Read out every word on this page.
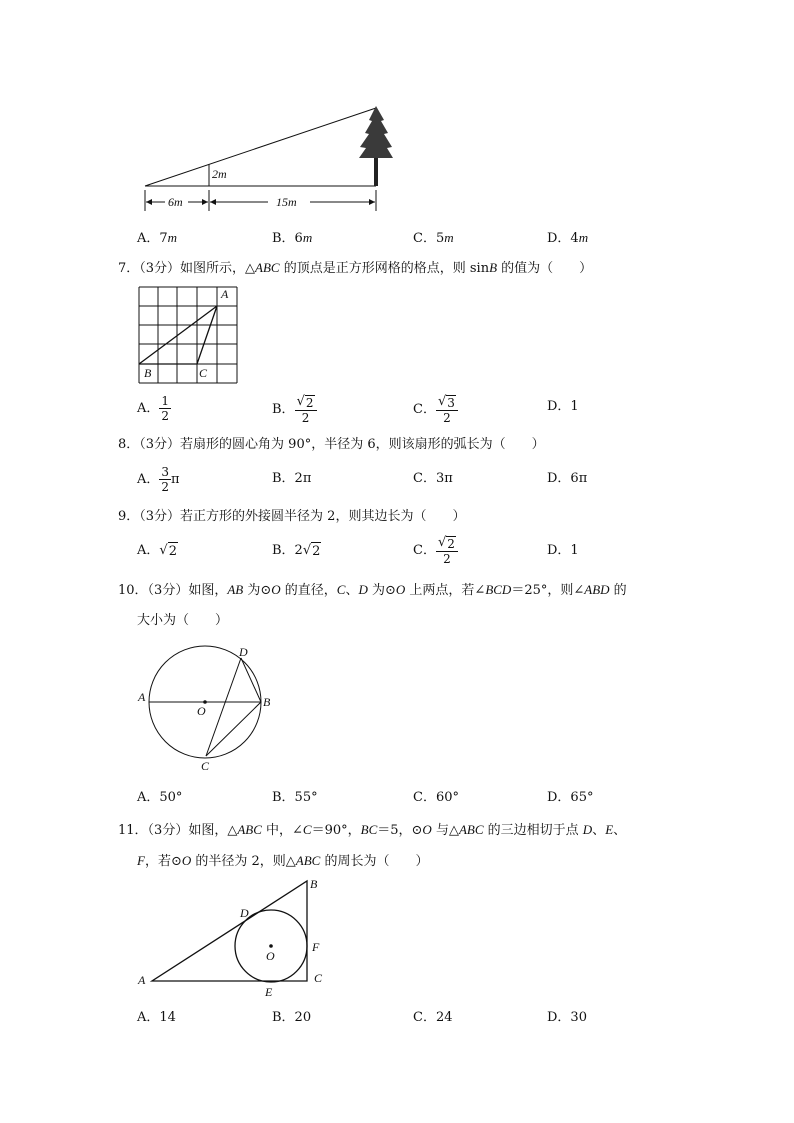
2m
6m	15m
A．7m	B．6m	C．5m	D．4m
7．（3分）如图所示，△ABC 的顶点是正方形网格的格点，则 sinB 的值为（　　）
A
B	C
A． $\frac{1}{2}$	B． $\frac{√ 2}{2}$	C． $\frac{√ 3}{2}$	D．1
8．（3分）若扇形的圆心角为 90°，半径为 6，则该扇形的弧长为（　　）
A． $\frac{3}{2}$ π	B．2π	C．3π	D．6π
9．（3分）若正方形的外接圆半径为 2，则其边长为（　　）
A． √ 2	B．2 √ 2	C． $\frac{√ 2}{2}$	D．1
10．（3分）如图，AB 为⊙O 的直径，C、D 为⊙O 上两点，若∠BCD＝25°，则∠ABD 的
大小为（　　）
A	B
C
D
O
A．50°	B．55°	C．60°	D．65°
11．（3分）如图，△ABC 中，∠C＝90°，BC＝5，⊙O 与△ABC 的三边相切于点 D、E、
F，若⊙O 的半径为 2，则△ABC 的周长为（　　）
A
B
C
D
E
F
O
A．14	B．20	C．24	D．30
